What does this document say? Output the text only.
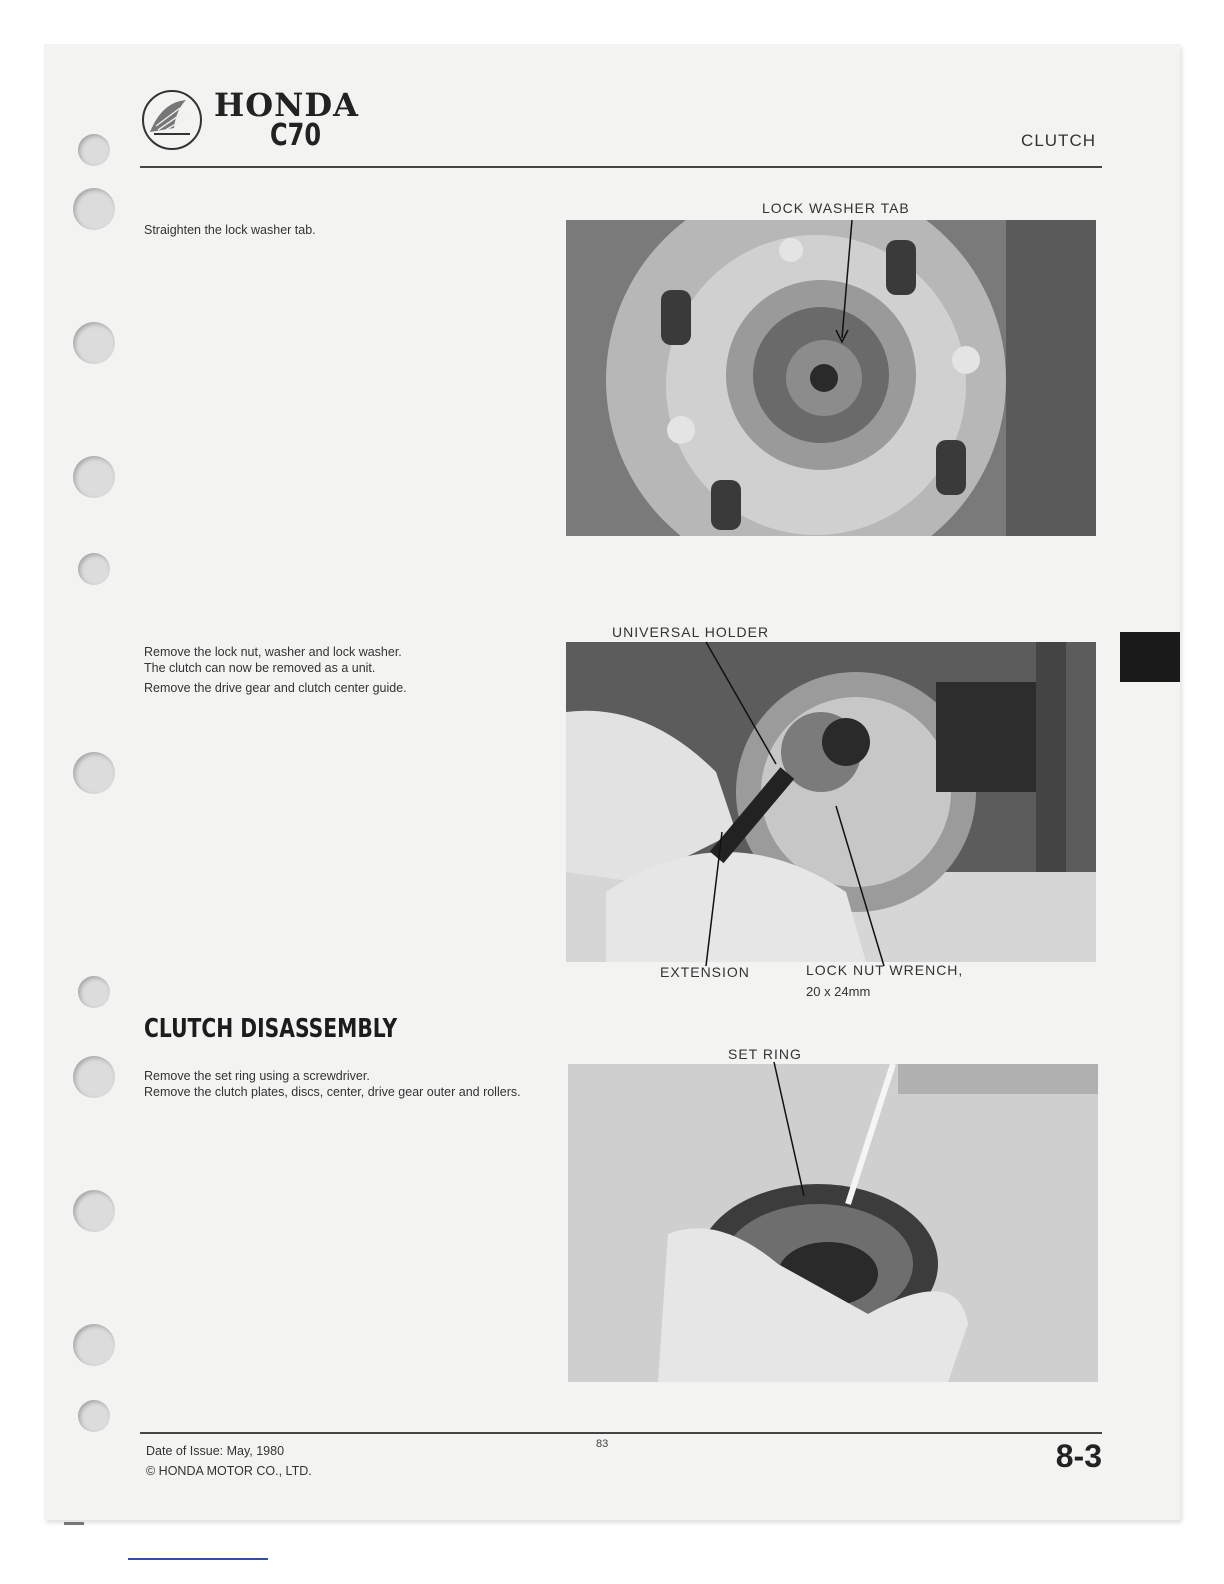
HONDA
C70	CLUTCH

Straighten the lock washer tab.

LOCK WASHER TAB

Remove the lock nut, washer and lock washer.

The clutch can now be removed as a unit.

Remove the drive gear and clutch center guide.

UNIVERSAL HOLDER
EXTENSION	LOCK NUT WRENCH,
20 x 24mm
CLUTCH DISASSEMBLY

Remove the set ring using a screwdriver.

Remove the clutch plates, discs, center, drive gear outer and rollers.

SET RING
Date of Issue: May, 1980
© HONDA MOTOR CO., LTD.
83	8-3
